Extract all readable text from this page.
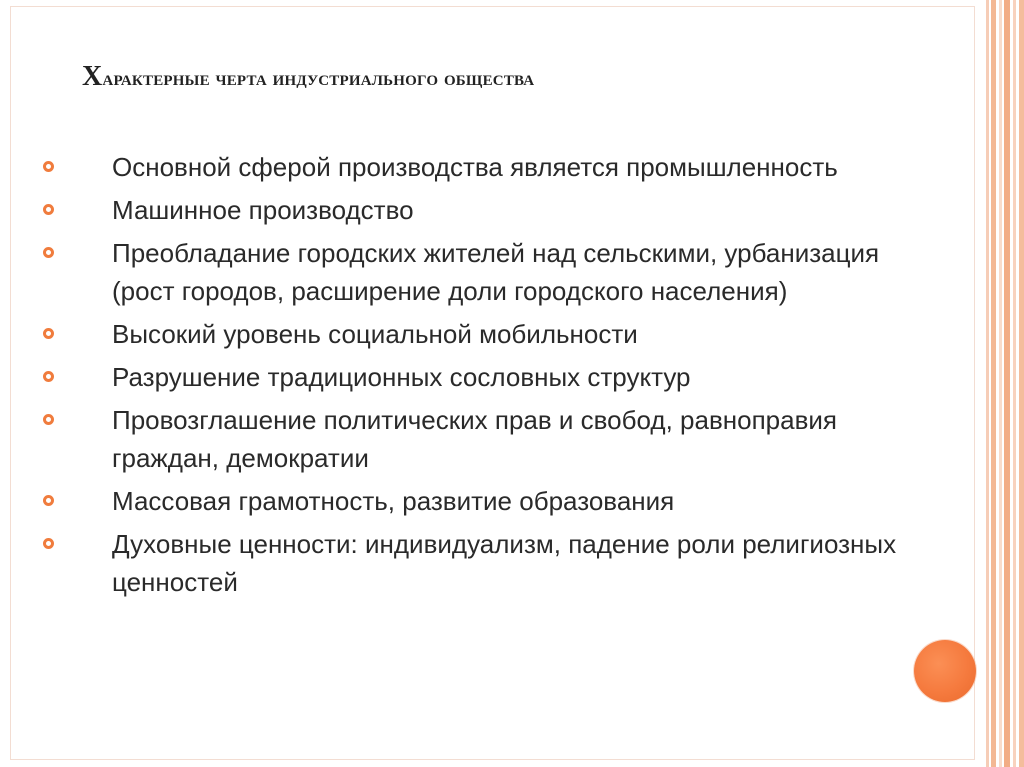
Характерные черта индустриального общества
Основной сферой производства является промышленность
Машинное производство
Преобладание городских жителей над сельскими, урбанизация (рост городов, расширение доли городского населения)
Высокий уровень социальной мобильности
Разрушение традиционных сословных структур
Провозглашение политических прав и свобод, равноправия граждан, демократии
Массовая грамотность, развитие образования
Духовные ценности: индивидуализм, падение роли религиозных ценностей
